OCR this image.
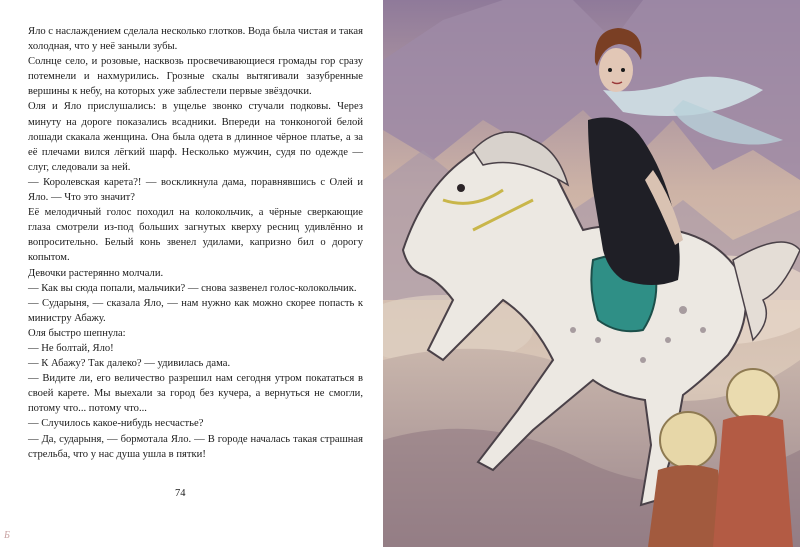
Яло с наслаждением сделала несколько глотков. Вода была чистая и такая холодная, что у неё заныли зубы.

Солнце село, и розовые, насквозь просвечивающиеся громады гор сразу потемнели и нахмурились. Грозные скалы вытягивали зазубренные вершины к небу, на которых уже заблестели первые звёздочки.

Оля и Яло прислушались: в ущелье звонко стучали подковы. Через минуту на дороге показались всадники. Впереди на тонконогой белой лошади скакала женщина. Она была одета в длинное чёрное платье, а за её плечами вился лёгкий шарф. Несколько мужчин, судя по одежде — слуг, следовали за ней.

— Королевская карета?! — воскликнула дама, поравнявшись с Олей и Яло. — Что это значит?

Её мелодичный голос походил на колокольчик, а чёрные сверкающие глаза смотрели из-под больших загнутых кверху ресниц удивлённо и вопросительно. Белый конь звенел удилами, капризно бил о дорогу копытом.

Девочки растерянно молчали.

— Как вы сюда попали, мальчики? — снова зазвенел голос-колокольчик.

— Сударыня, — сказала Яло, — нам нужно как можно скорее попасть к министру Абажу.

Оля быстро шепнула:

— Не болтай, Яло!

— К Абажу? Так далеко? — удивилась дама.

— Видите ли, его величество разрешил нам сегодня утром покататься в своей карете. Мы выехали за город без кучера, а вернуться не смогли, потому что... потому что...

— Случилось какое-нибудь несчастье?

— Да, сударыня, — бормотала Яло. — В городе началась такая страшная стрельба, что у нас душа ушла в пятки!

74
Б
